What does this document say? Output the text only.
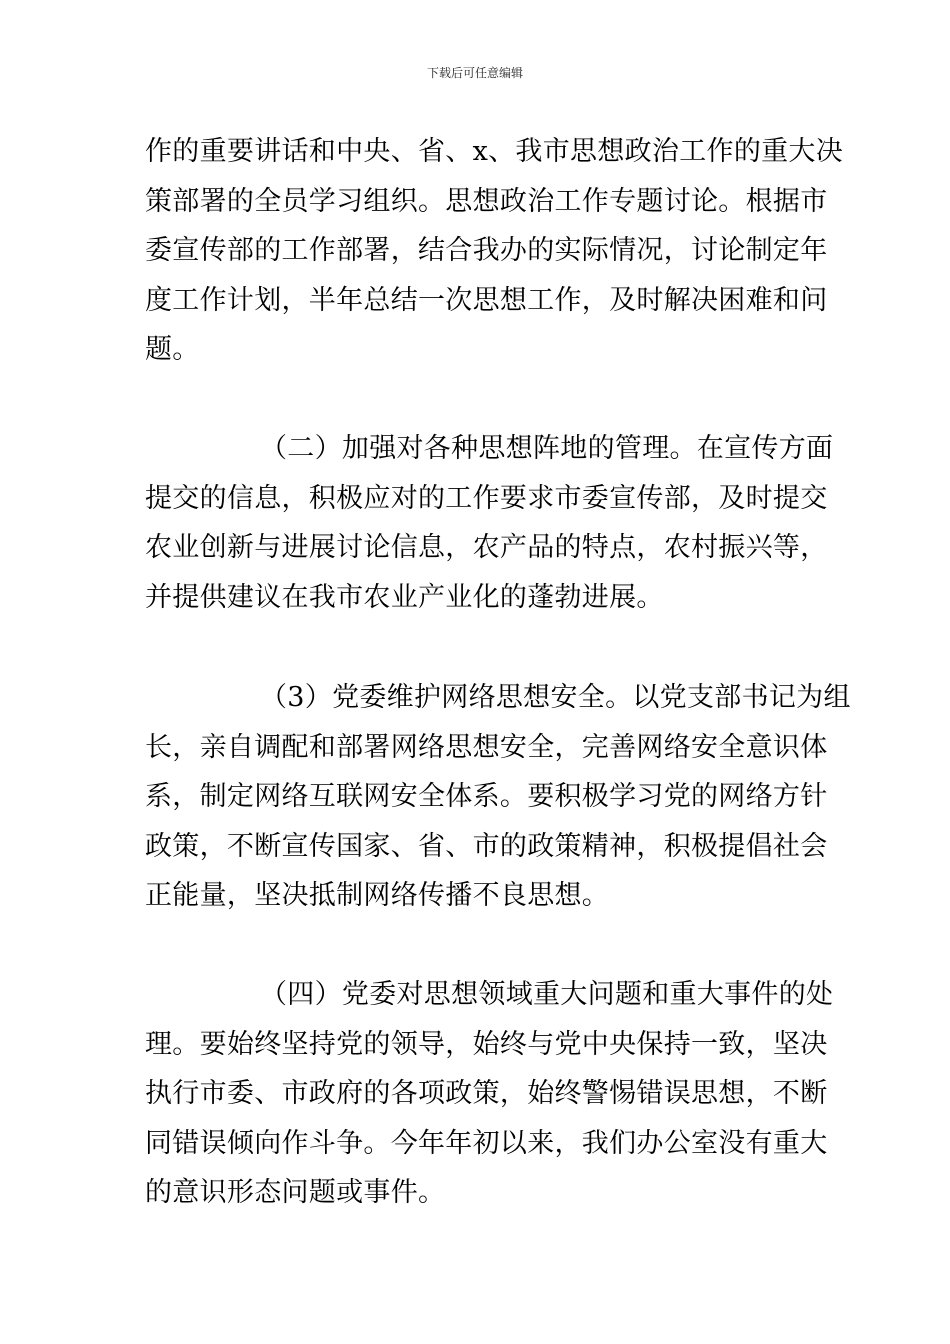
下载后可任意编辑
作的重要讲话和中央、省、x、我市思想政治工作的重大决
策部署的全员学习组织。思想政治工作专题讨论。根据市
委宣传部的工作部署，结合我办的实际情况，讨论制定年
度工作计划，半年总结一次思想工作，及时解决困难和问
题。
（二）加强对各种思想阵地的管理。在宣传方面
提交的信息，积极应对的工作要求市委宣传部，及时提交
农业创新与进展讨论信息，农产品的特点，农村振兴等，
并提供建议在我市农业产业化的蓬勃进展。
（3）党委维护网络思想安全。以党支部书记为组
长，亲自调配和部署网络思想安全，完善网络安全意识体
系，制定网络互联网安全体系。要积极学习党的网络方针
政策，不断宣传国家、省、市的政策精神，积极提倡社会
正能量，坚决抵制网络传播不良思想。
（四）党委对思想领域重大问题和重大事件的处
理。要始终坚持党的领导，始终与党中央保持一致，坚决
执行市委、市政府的各项政策，始终警惕错误思想，不断
同错误倾向作斗争。今年年初以来，我们办公室没有重大
的意识形态问题或事件。
